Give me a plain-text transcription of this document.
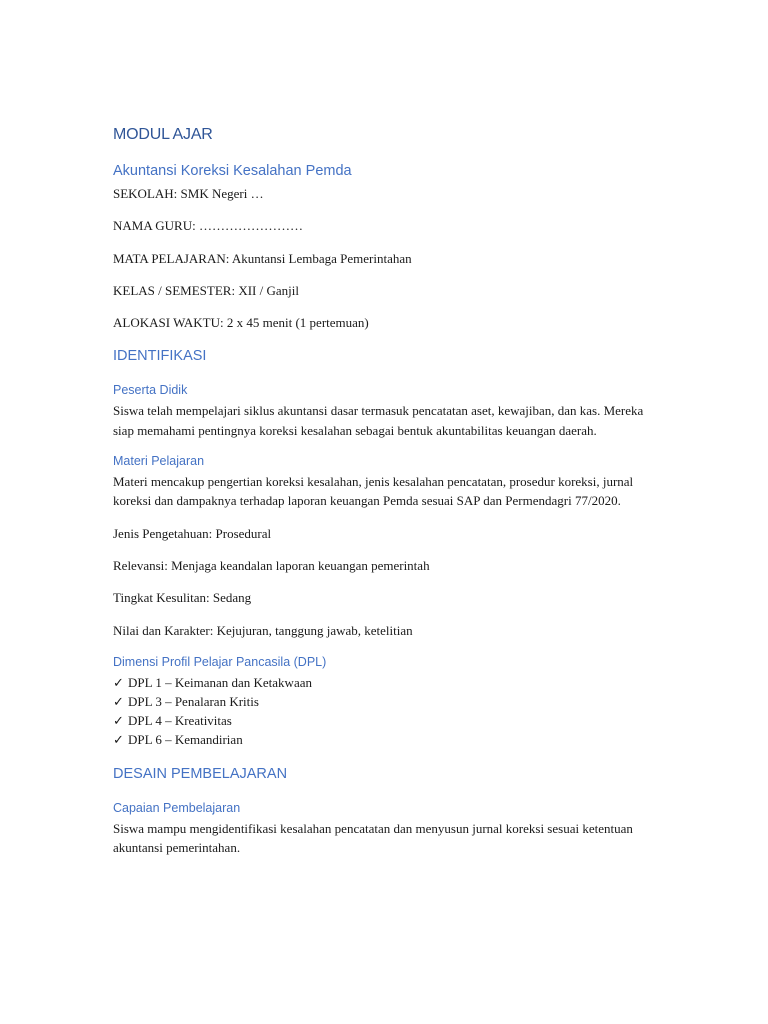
MODUL AJAR
Akuntansi Koreksi Kesalahan Pemda
SEKOLAH: SMK Negeri …
NAMA GURU: ……………………
MATA PELAJARAN: Akuntansi Lembaga Pemerintahan
KELAS / SEMESTER: XII / Ganjil
ALOKASI WAKTU: 2 x 45 menit (1 pertemuan)
IDENTIFIKASI
Peserta Didik
Siswa telah mempelajari siklus akuntansi dasar termasuk pencatatan aset, kewajiban, dan kas. Mereka siap memahami pentingnya koreksi kesalahan sebagai bentuk akuntabilitas keuangan daerah.
Materi Pelajaran
Materi mencakup pengertian koreksi kesalahan, jenis kesalahan pencatatan, prosedur koreksi, jurnal koreksi dan dampaknya terhadap laporan keuangan Pemda sesuai SAP dan Permendagri 77/2020.
Jenis Pengetahuan: Prosedural
Relevansi: Menjaga keandalan laporan keuangan pemerintah
Tingkat Kesulitan: Sedang
Nilai dan Karakter: Kejujuran, tanggung jawab, ketelitian
Dimensi Profil Pelajar Pancasila (DPL)
✓ DPL 1 – Keimanan dan Ketakwaan
✓ DPL 3 – Penalaran Kritis
✓ DPL 4 – Kreativitas
✓ DPL 6 – Kemandirian
DESAIN PEMBELAJARAN
Capaian Pembelajaran
Siswa mampu mengidentifikasi kesalahan pencatatan dan menyusun jurnal koreksi sesuai ketentuan akuntansi pemerintahan.
